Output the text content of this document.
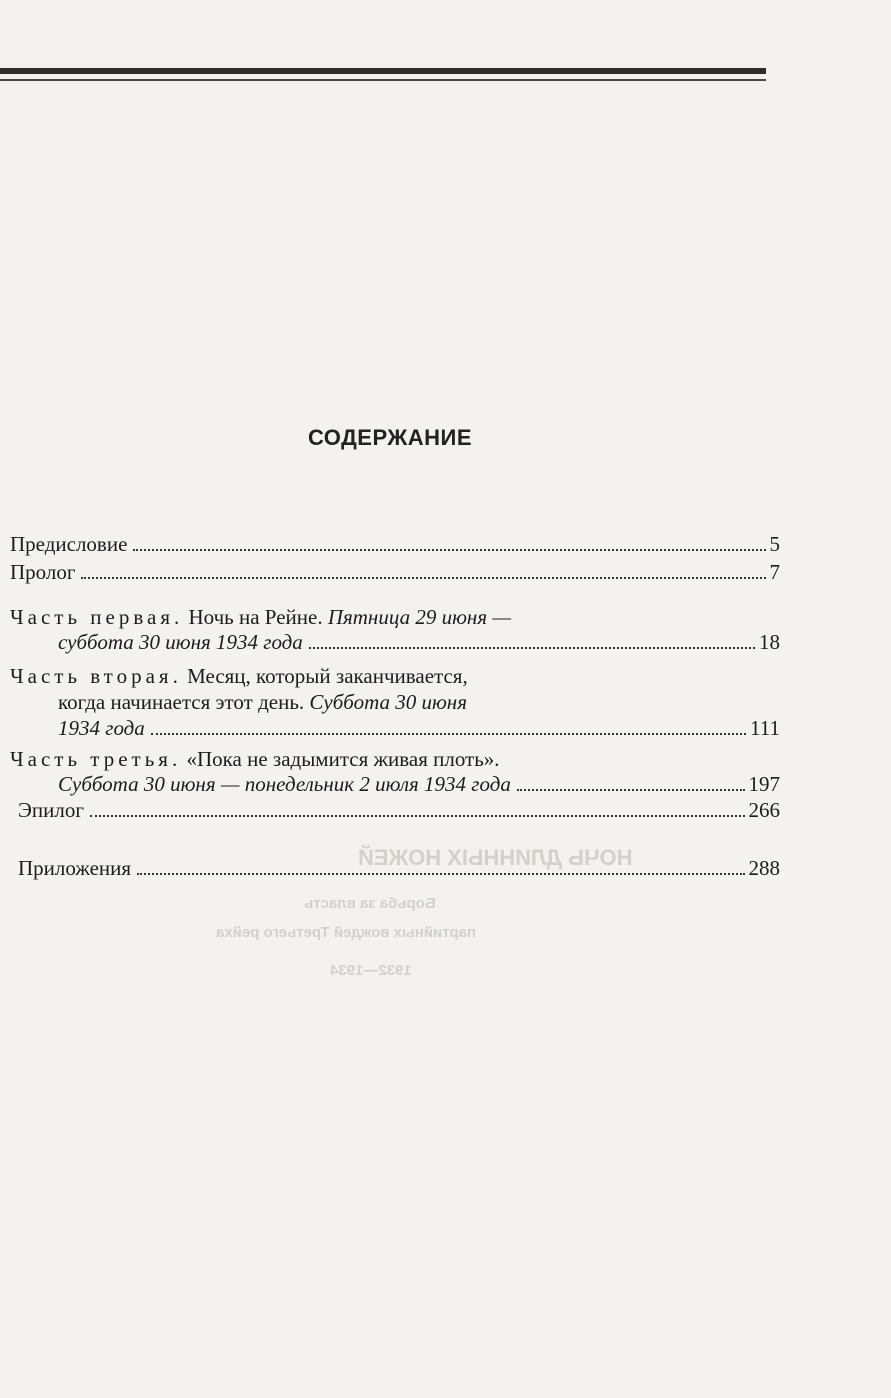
НОЧЬ ДЛИННЫХ НОЖЕЙ
Борьба за власть
партийных вождей Третьего рейха
1932—1934
СОДЕРЖАНИЕ
Предисловие	5
Пролог	7
Часть первая. Ночь на Рейне. Пятница 29 июня —
суббота 30 июня 1934 года	18
Часть вторая. Месяц, который заканчивается,
когда начинается этот день. Суббота 30 июня
1934 года	111
Часть третья. «Пока не задымится живая плоть».
Суббота 30 июня — понедельник 2 июля 1934 года	197
Эпилог	266
Приложения	288
